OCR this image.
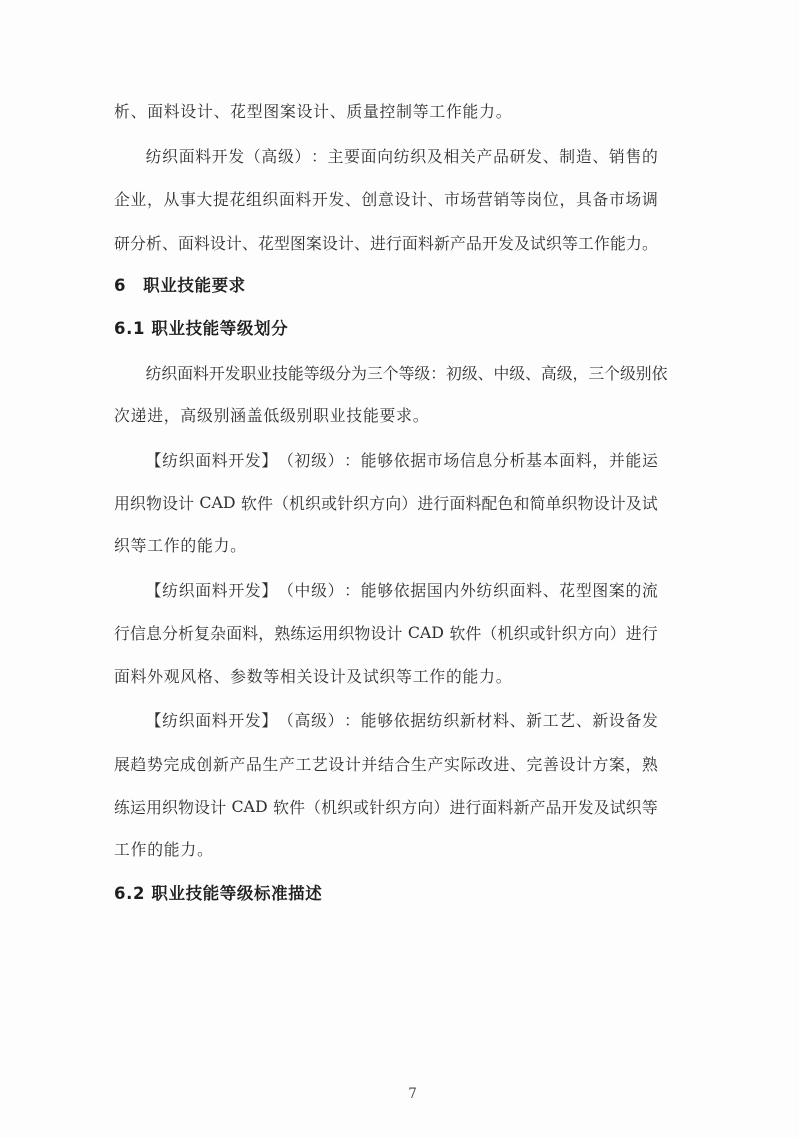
析、面料设计、花型图案设计、质量控制等工作能力。
纺 织 面 料 开 发 （ 高 级 ） ： 主 要 面 向 纺 织 及 相 关 产 品 研 发 、 制 造 、 销 售 的
企 业 ， 从 事 大 提 花 组 织 面 料 开 发 、 创 意 设 计 、 市 场 营 销 等 岗 位 ， 具 备 市 场 调
研 分 析 、 面 料 设 计 、 花 型 图 案 设 计 、 进 行 面 料 新 产 品 开 发 及 试 织 等 工 作 能 力 。
6　职业技能要求
6.1 职业技能等级划分
纺 织 面 料 开 发 职 业 技 能 等 级 分 为 三 个 等 级 ： 初 级 、 中 级 、 高 级 ， 三 个 级 别 依
次递进，高级别涵盖低级别职业技能要求。
【 纺 织 面 料 开 发 】 （ 初 级 ） ： 能 够 依 据 市 场 信 息 分 析 基 本 面 料 ， 并 能 运
用 织 物 设 计
CAD
软 件 （ 机 织 或 针 织 方 向 ） 进 行 面 料 配 色 和 简 单 织 物 设 计 及 试
织等工作的能力。
【 纺 织 面 料 开 发 】 （ 中 级 ） ： 能 够 依 据 国 内 外 纺 织 面 料 、 花 型 图 案 的 流
行 信 息 分 析 复 杂 面 料 ， 熟 练 运 用 织 物 设 计
CAD
软 件 （ 机 织 或 针 织 方 向 ） 进 行
面料外观风格、参数等相关设计及试织等工作的能力。
【 纺 织 面 料 开 发 】 （ 高 级 ） ： 能 够 依 据 纺 织 新 材 料 、 新 工 艺 、 新 设 备 发
展 趋 势 完 成 创 新 产 品 生 产 工 艺 设 计 并 结 合 生 产 实 际 改 进 、 完 善 设 计 方 案 ， 熟
练 运 用 织 物 设 计
CAD
软 件 （ 机 织 或 针 织 方 向 ） 进 行 面 料 新 产 品 开 发 及 试 织 等
工作的能力。
6.2 职业技能等级标准描述
7
